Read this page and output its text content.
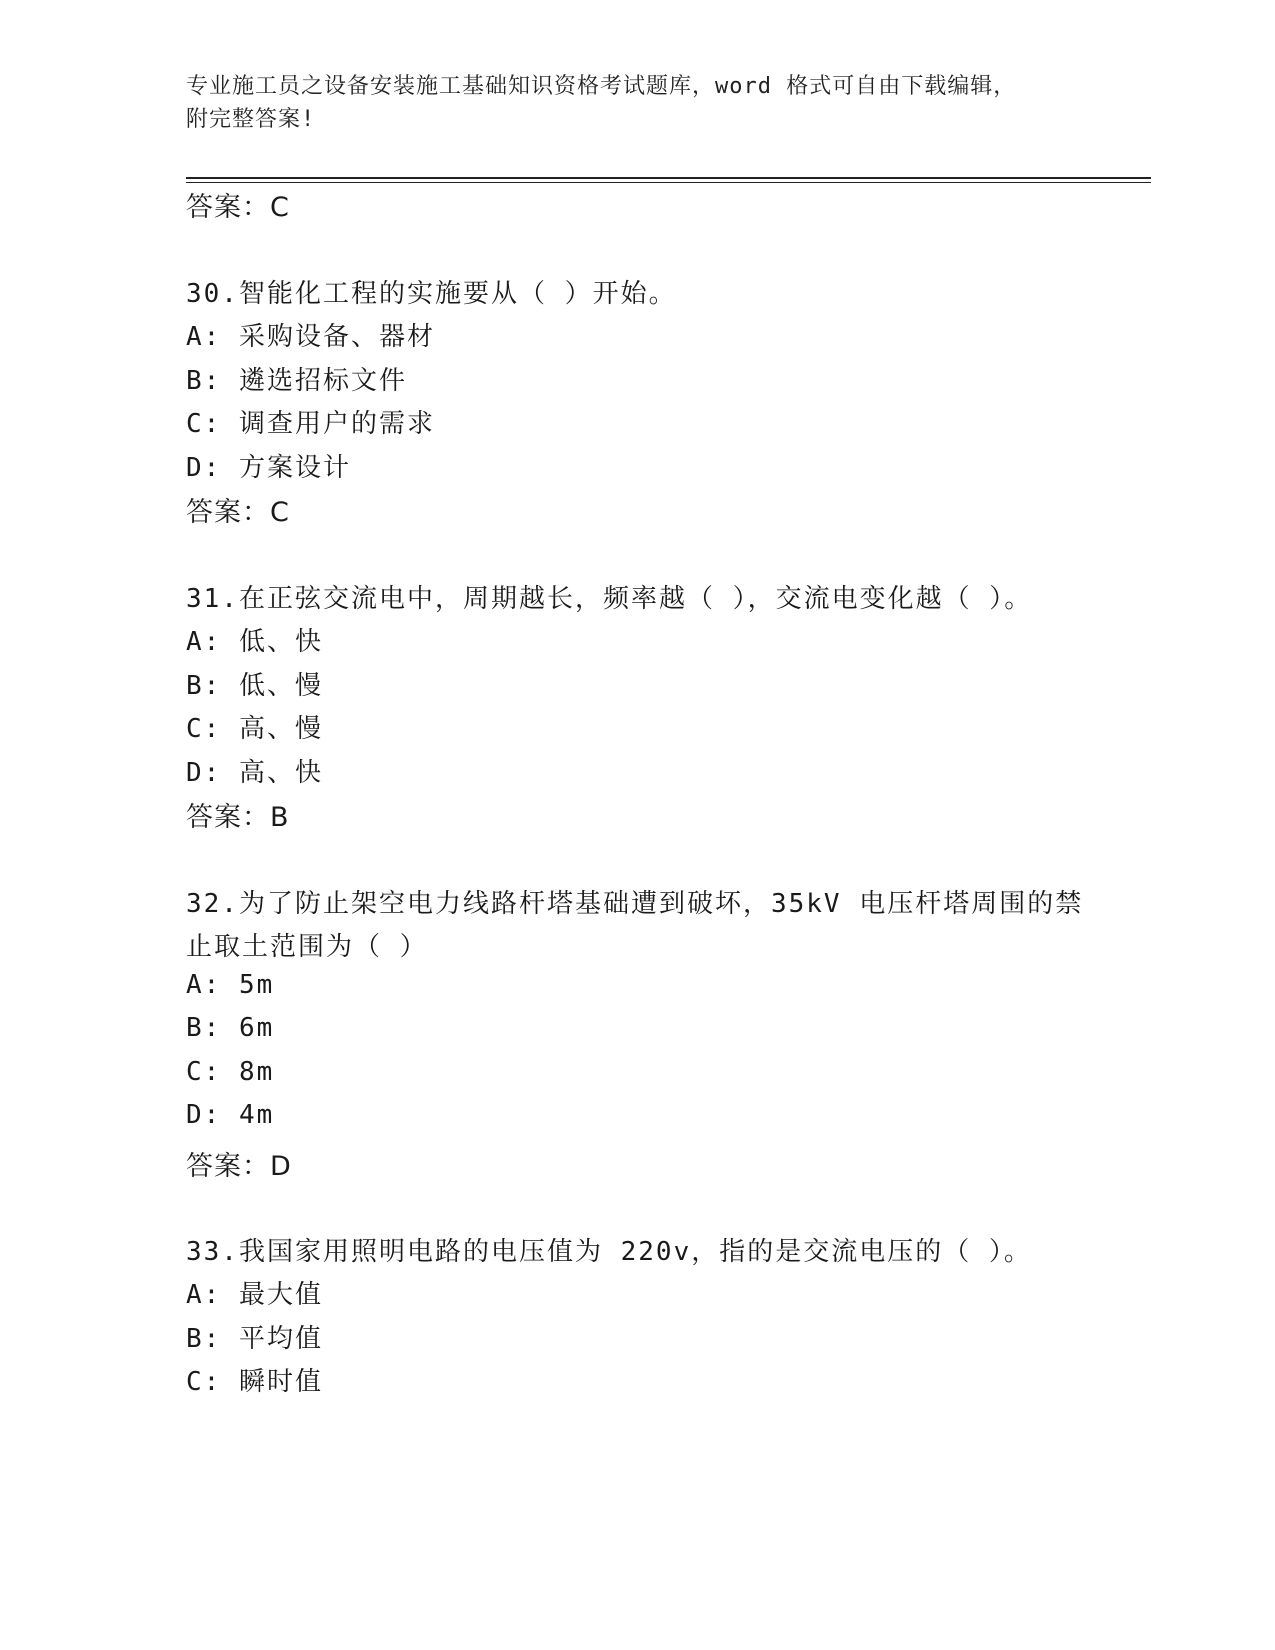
专业施工员之设备安装施工基础知识资格考试题库，word 格式可自由下载编辑，
附完整答案!
答案：C
30.智能化工程的实施要从（ ）开始。
A: 采购设备、器材
B: 遴选招标文件
C: 调查用户的需求
D: 方案设计
答案：C
31.在正弦交流电中，周期越长，频率越（ ），交流电变化越（ ）。
A: 低、快
B: 低、慢
C: 高、慢
D: 高、快
答案：B
32.为了防止架空电力线路杆塔基础遭到破坏，35kV 电压杆塔周围的禁
止取土范围为（ ）
A: 5m
B: 6m
C: 8m
D: 4m
答案：D
33.我国家用照明电路的电压值为 220v，指的是交流电压的（ ）。
A: 最大值
B: 平均值
C: 瞬时值
